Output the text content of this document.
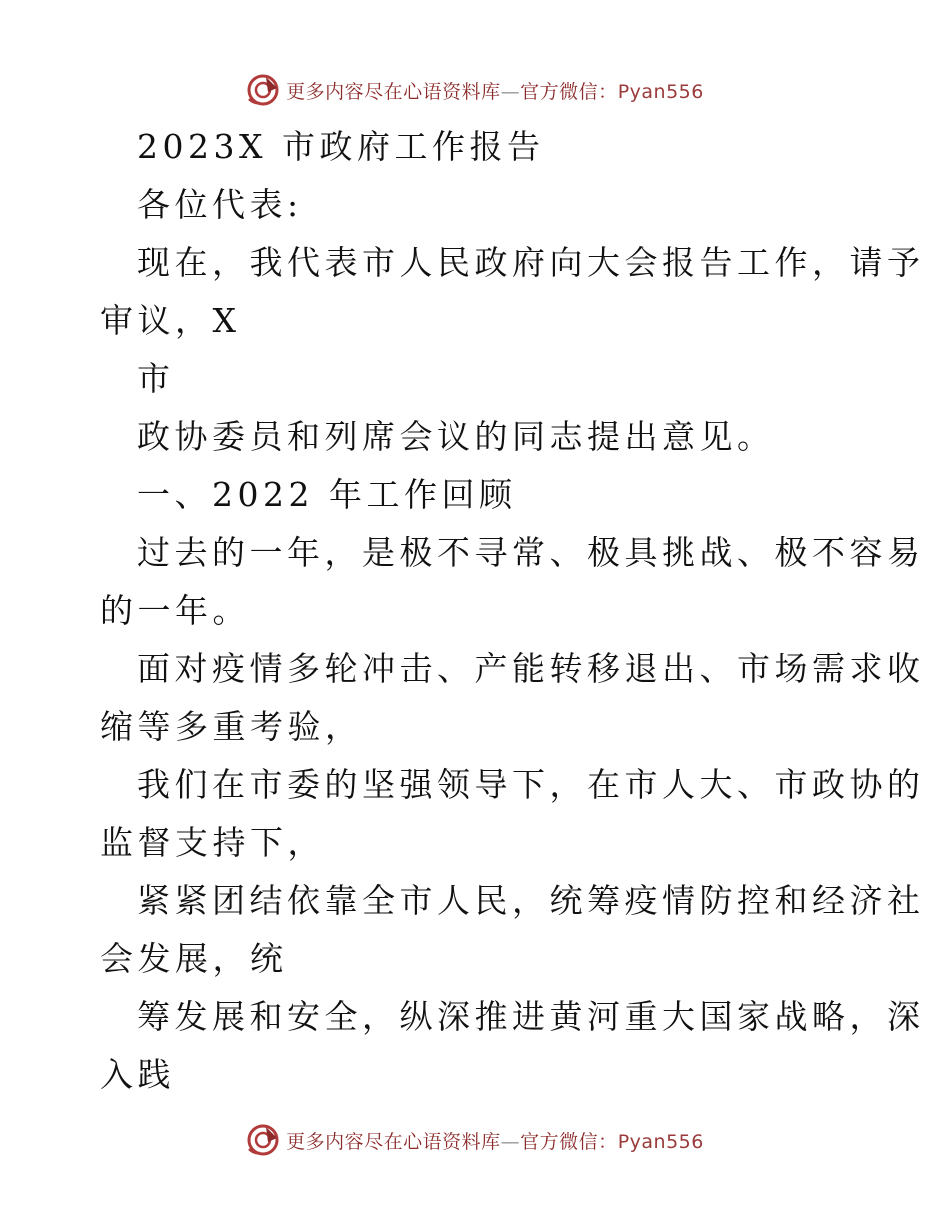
更多内容尽在心语资料库—官方微信：Pyan556
2023X 市政府工作报告
各位代表:
现在，我代表市人民政府向大会报告工作，请予
审议，X
市
政协委员和列席会议的同志提出意见。
一、2022 年工作回顾
过去的一年，是极不寻常、极具挑战、极不容易
的一年。
面对疫情多轮冲击、产能转移退出、市场需求收
缩等多重考验，
我们在市委的坚强领导下，在市人大、市政协的
监督支持下，
紧紧团结依靠全市人民，统筹疫情防控和经济社
会发展，统
筹发展和安全，纵深推进黄河重大国家战略，深
入践
更多内容尽在心语资料库—官方微信：Pyan556
